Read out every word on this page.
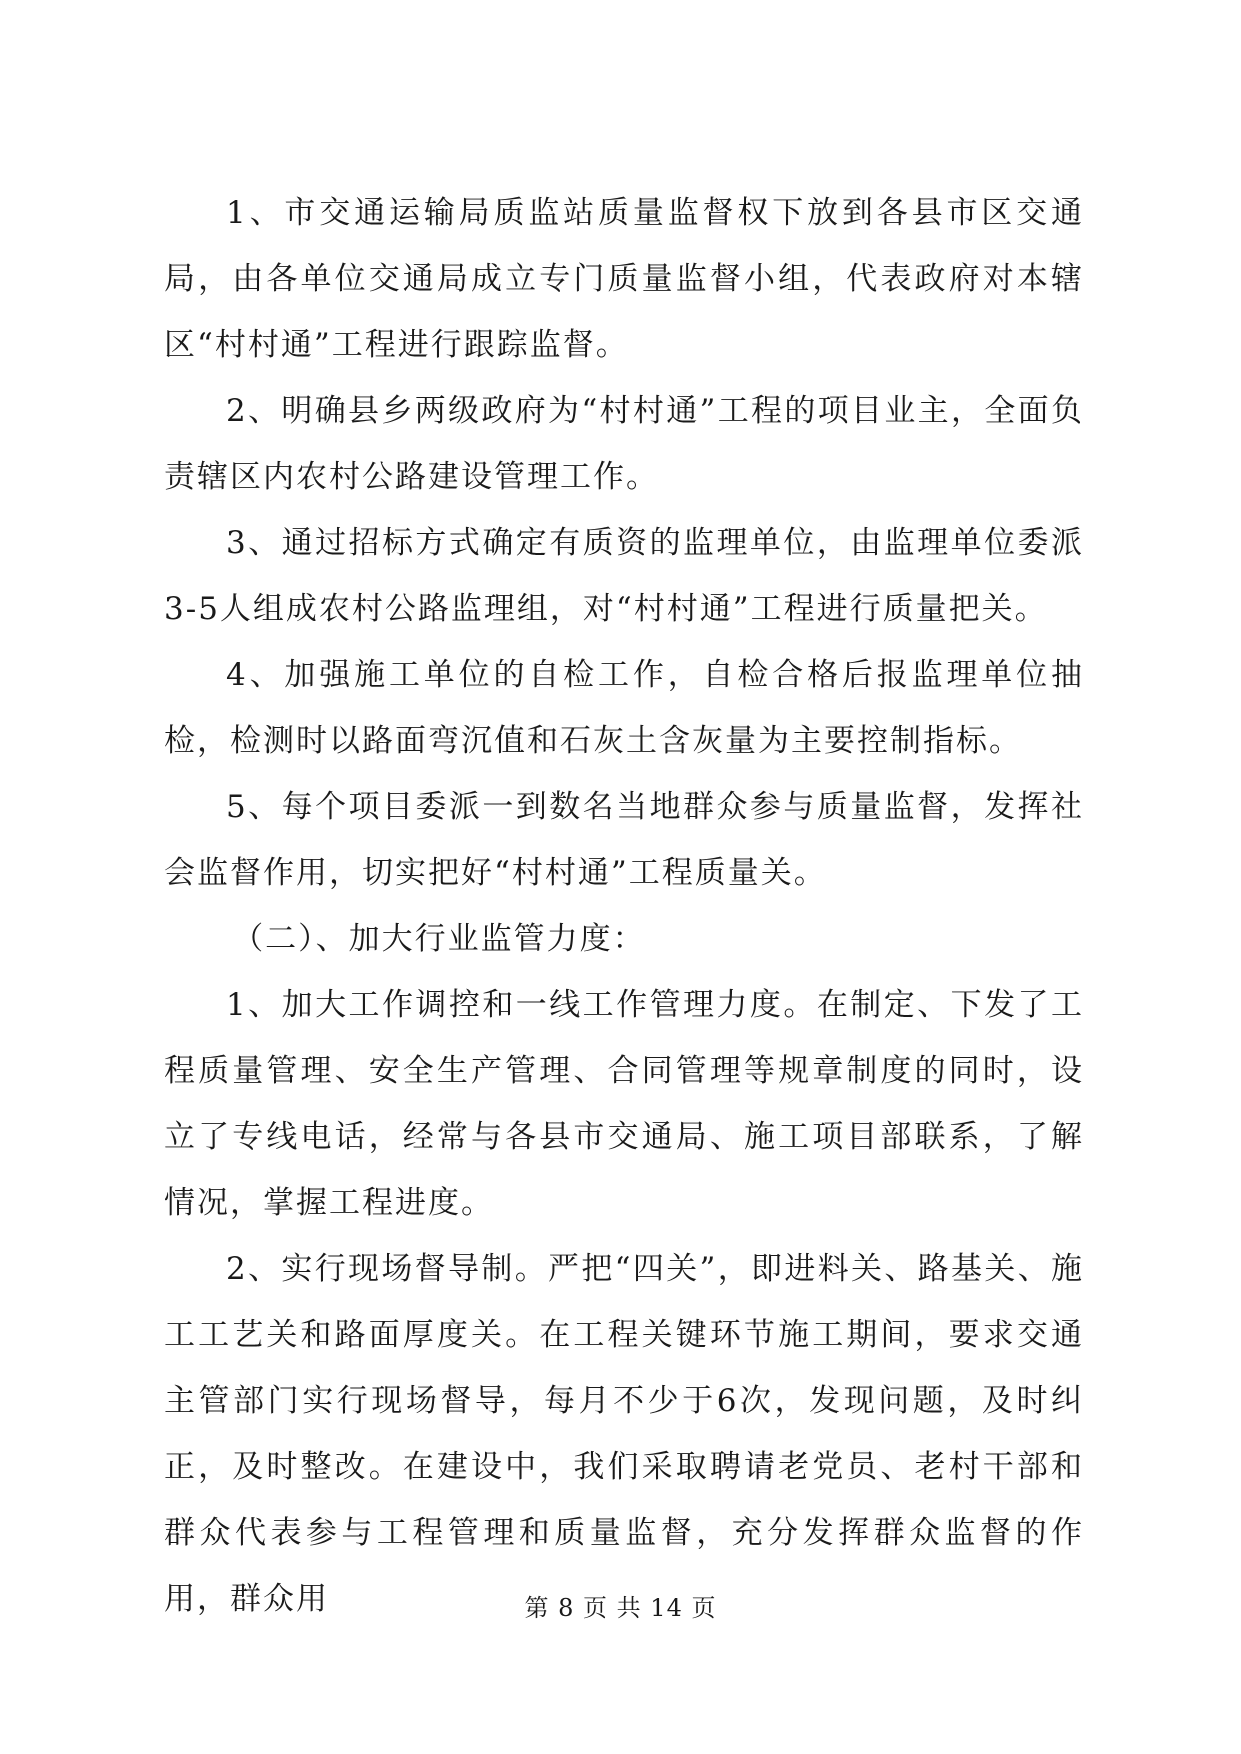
1、市交通运输局质监站质量监督权下放到各县市区交通局，由各单位交通局成立专门质量监督小组，代表政府对本辖区“村村通”工程进行跟踪监督。

2、明确县乡两级政府为“村村通”工程的项目业主，全面负责辖区内农村公路建设管理工作。

3、通过招标方式确定有质资的监理单位，由监理单位委派3-5人组成农村公路监理组，对“村村通”工程进行质量把关。

4、加强施工单位的自检工作，自检合格后报监理单位抽检，检测时以路面弯沉值和石灰土含灰量为主要控制指标。

5、每个项目委派一到数名当地群众参与质量监督，发挥社会监督作用，切实把好“村村通”工程质量关。

（二）、加大行业监管力度：

1、加大工作调控和一线工作管理力度。在制定、下发了工程质量管理、安全生产管理、合同管理等规章制度的同时，设立了专线电话，经常与各县市交通局、施工项目部联系，了解情况，掌握工程进度。

2、实行现场督导制。严把“四关”，即进料关、路基关、施工工艺关和路面厚度关。在工程关键环节施工期间，要求交通主管部门实行现场督导，每月不少于6次，发现问题，及时纠正，及时整改。在建设中，我们采取聘请老党员、老村干部和群众代表参与工程管理和质量监督，充分发挥群众监督的作用，群众用	第 8 页 共 14 页
